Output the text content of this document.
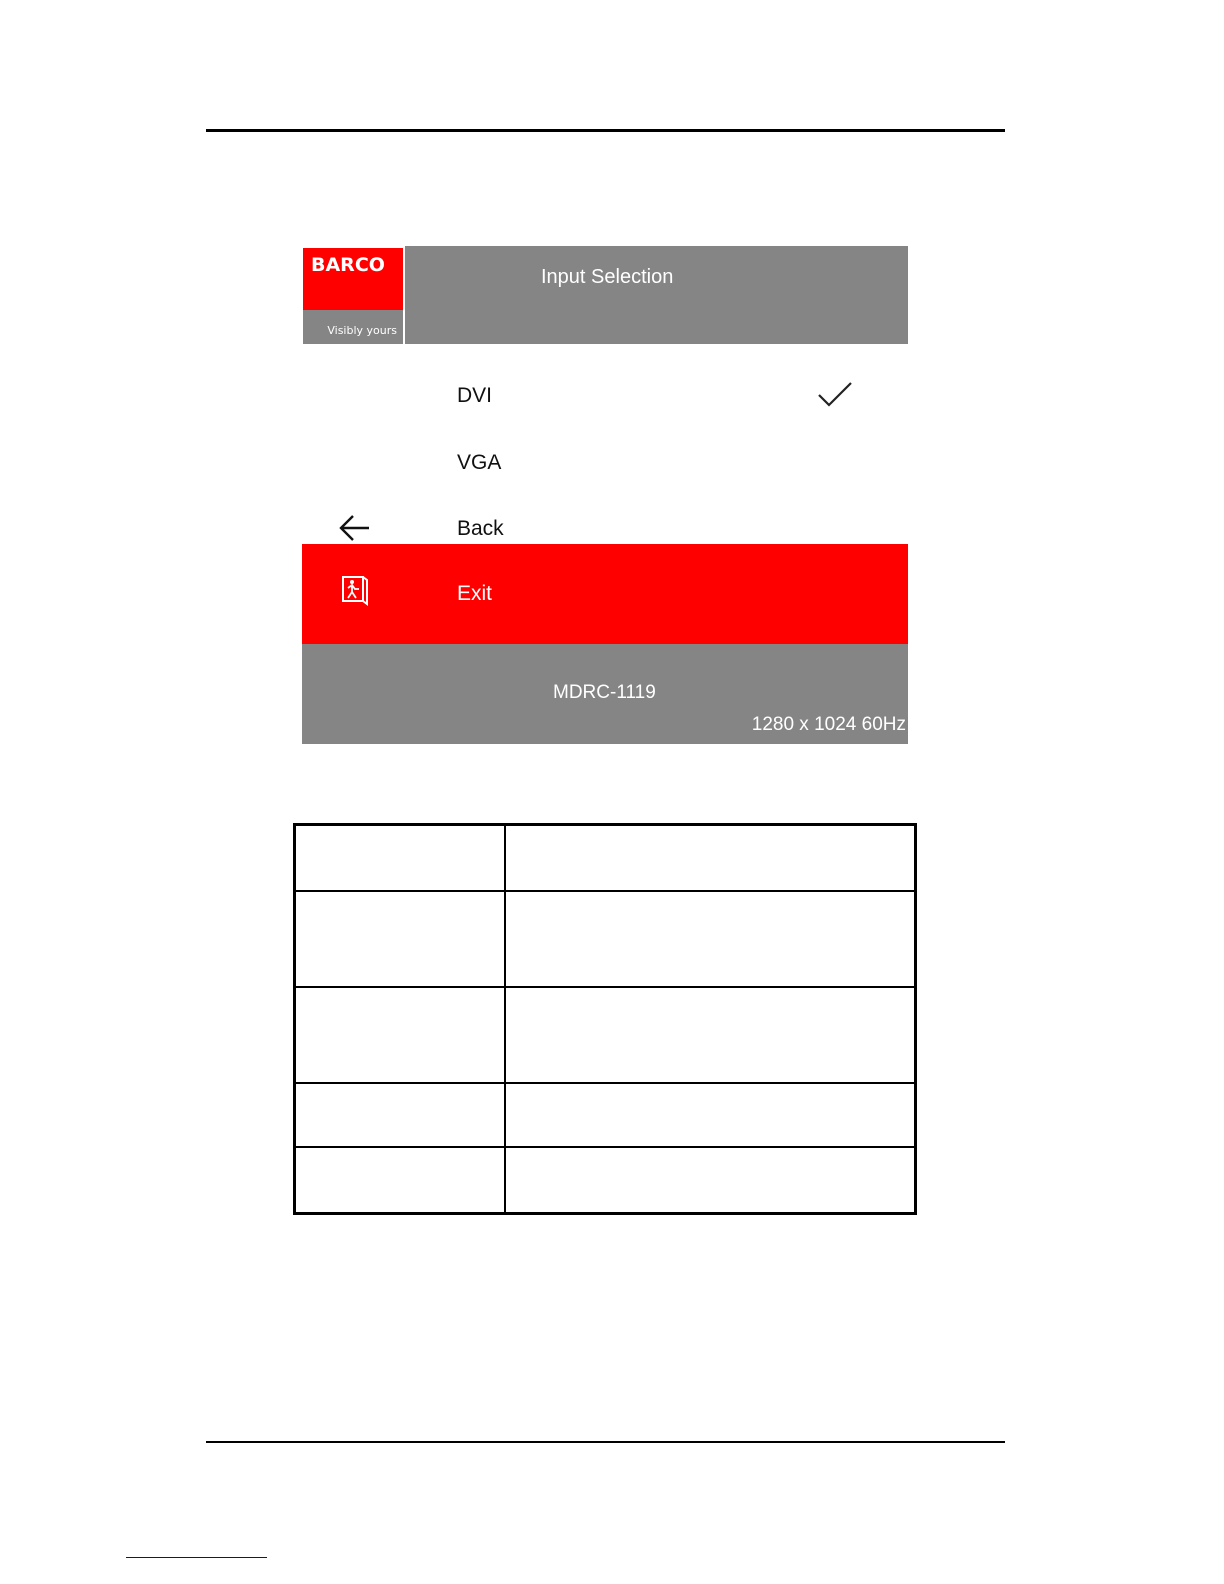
BARCO
Visibly yours
Input Selection
DVI
VGA
Back
Exit
MDRC-1119
1280 x 1024 60Hz
